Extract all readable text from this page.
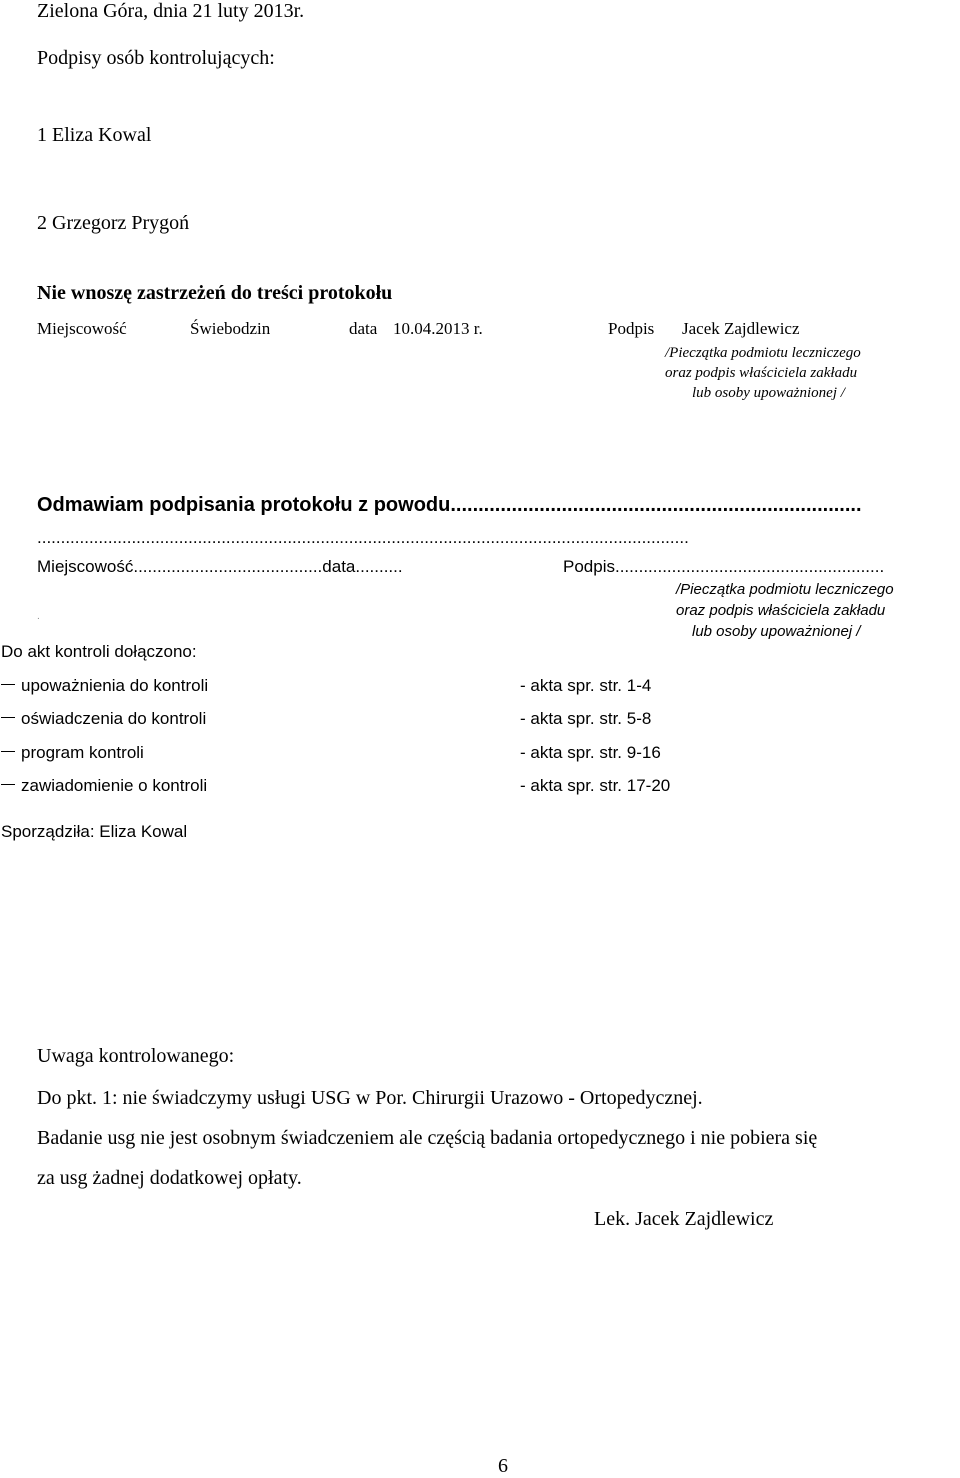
Zielona Góra, dnia 21 luty 2013r.
Podpisy osób kontrolujących:
1 Eliza Kowal
2 Grzegorz Prygoń
Nie wnoszę zastrzeżeń do treści protokołu
Miejscowość	Świebodzin	data 10.04.2013 r.	Podpis Jacek Zajdlewicz
/Pieczątka podmiotu leczniczego
oraz podpis właściciela zakładu
lub osoby upoważnionej /
Odmawiam podpisania protokołu z powodu..........................................................................
..........................................................................................................................................
Miejscowość........................................data..........	Podpis.........................................................
/Pieczątka podmiotu leczniczego
oraz podpis właściciela zakładu
lub osoby upoważnionej /
.
Do akt kontroli dołączono:
upoważnienia do kontroli	- akta spr. str. 1-4
oświadczenia do kontroli	- akta spr. str. 5-8
program kontroli	- akta spr. str. 9-16
zawiadomienie o kontroli	- akta spr. str. 17-20
Sporządziła: Eliza Kowal
Uwaga kontrolowanego:
Do pkt. 1: nie świadczymy usługi USG w Por. Chirurgii Urazowo - Ortopedycznej.
Badanie usg nie jest osobnym świadczeniem ale częścią badania ortopedycznego i nie pobiera się
za usg żadnej dodatkowej opłaty.
Lek. Jacek Zajdlewicz
6
